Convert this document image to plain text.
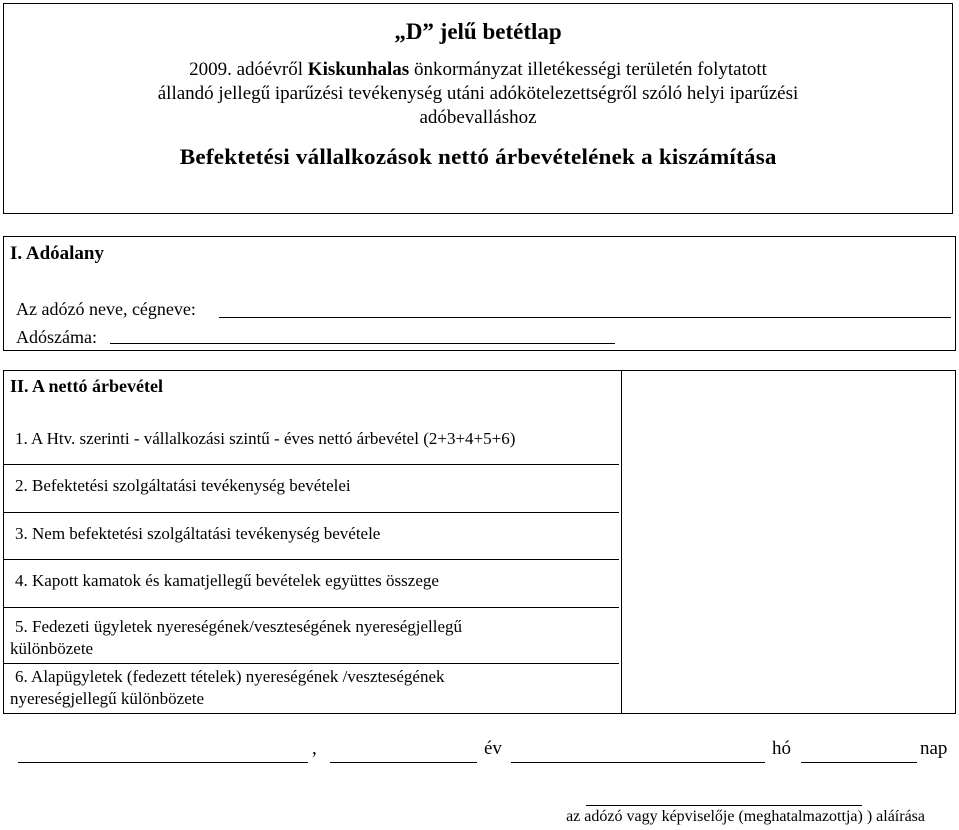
„D” jelű betétlap
2009. adóévről Kiskunhalas önkormányzat illetékességi területén folytatott
állandó jellegű iparűzési tevékenység utáni adókötelezettségről szóló helyi iparűzési
adóbevalláshoz
Befektetési vállalkozások nettó árbevételének a kiszámítása
I. Adóalany
Az adózó neve, cégneve:
Adószáma:
II. A nettó árbevétel
1. A Htv. szerinti - vállalkozási szintű - éves nettó árbevétel (2+3+4+5+6)
2. Befektetési szolgáltatási tevékenység bevételei
3. Nem befektetési szolgáltatási tevékenység bevétele
4. Kapott kamatok és kamatjellegű bevételek együttes összege
5. Fedezeti ügyletek nyereségének/veszteségének nyereségjellegű
különbözete
6. Alapügyletek (fedezett tételek) nyereségének /veszteségének
nyereségjellegű különbözete
,	év	hó	nap
az adózó vagy képviselője (meghatalmazottja) ) aláírása
